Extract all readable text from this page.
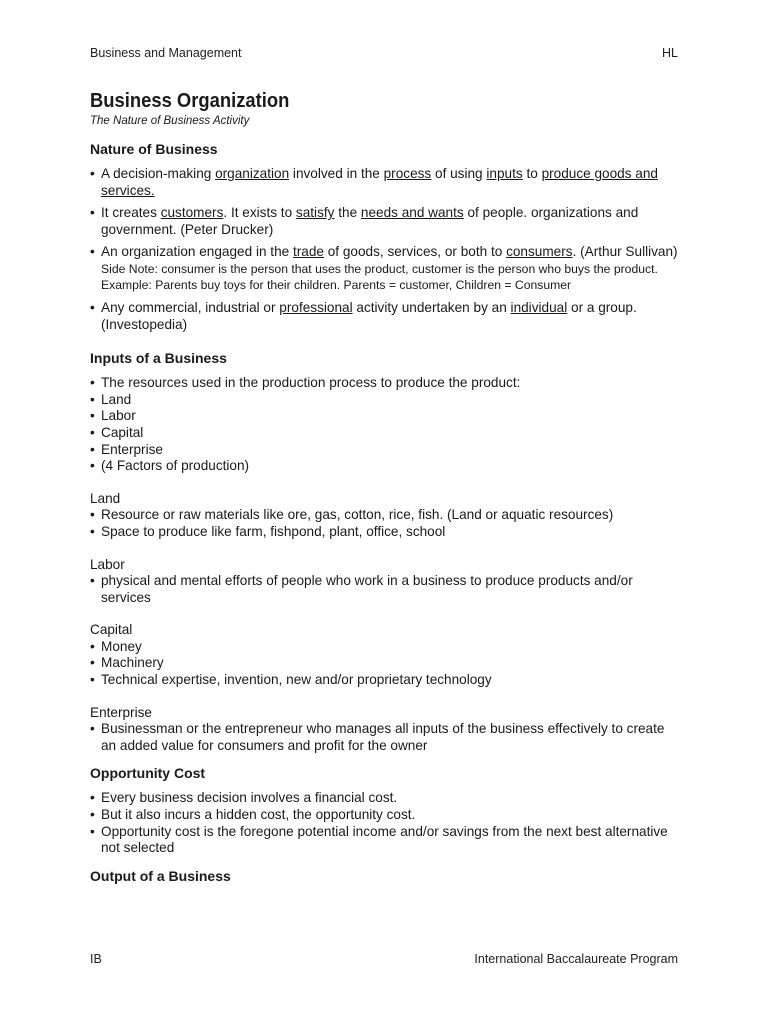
Business and Management	HL
Business Organization

The Nature of Business Activity

Nature of Business
• A decision-making organization involved in the process of using inputs to produce goods and services.
• It creates customers. It exists to satisfy the needs and wants of people. organizations and government. (Peter Drucker)
• An organization engaged in the trade of goods, services, or both to consumers. (Arthur Sullivan)
Side Note: consumer is the person that uses the product, customer is the person who buys the product.
Example: Parents buy toys for their children. Parents = customer, Children = Consumer
• Any commercial, industrial or professional activity undertaken by an individual or a group. (Investopedia)
Inputs of a Business
• The resources used in the production process to produce the product:
• Land
• Labor
• Capital
• Enterprise
• (4 Factors of production)

Land

• Resource or raw materials like ore, gas, cotton, rice, fish. (Land or aquatic resources)
• Space to produce like farm, fishpond, plant, office, school

Labor

• physical and mental efforts of people who work in a business to produce products and/or services

Capital

• Money
• Machinery
• Technical expertise, invention, new and/or proprietary technology

Enterprise

• Businessman or the entrepreneur who manages all inputs of the business effectively to create an added value for consumers and profit for the owner
Opportunity Cost
• Every business decision involves a financial cost.
• But it also incurs a hidden cost, the opportunity cost.
• Opportunity cost is the foregone potential income and/or savings from the next best alternative not selected
Output of a Business
IB	International Baccalaureate Program
